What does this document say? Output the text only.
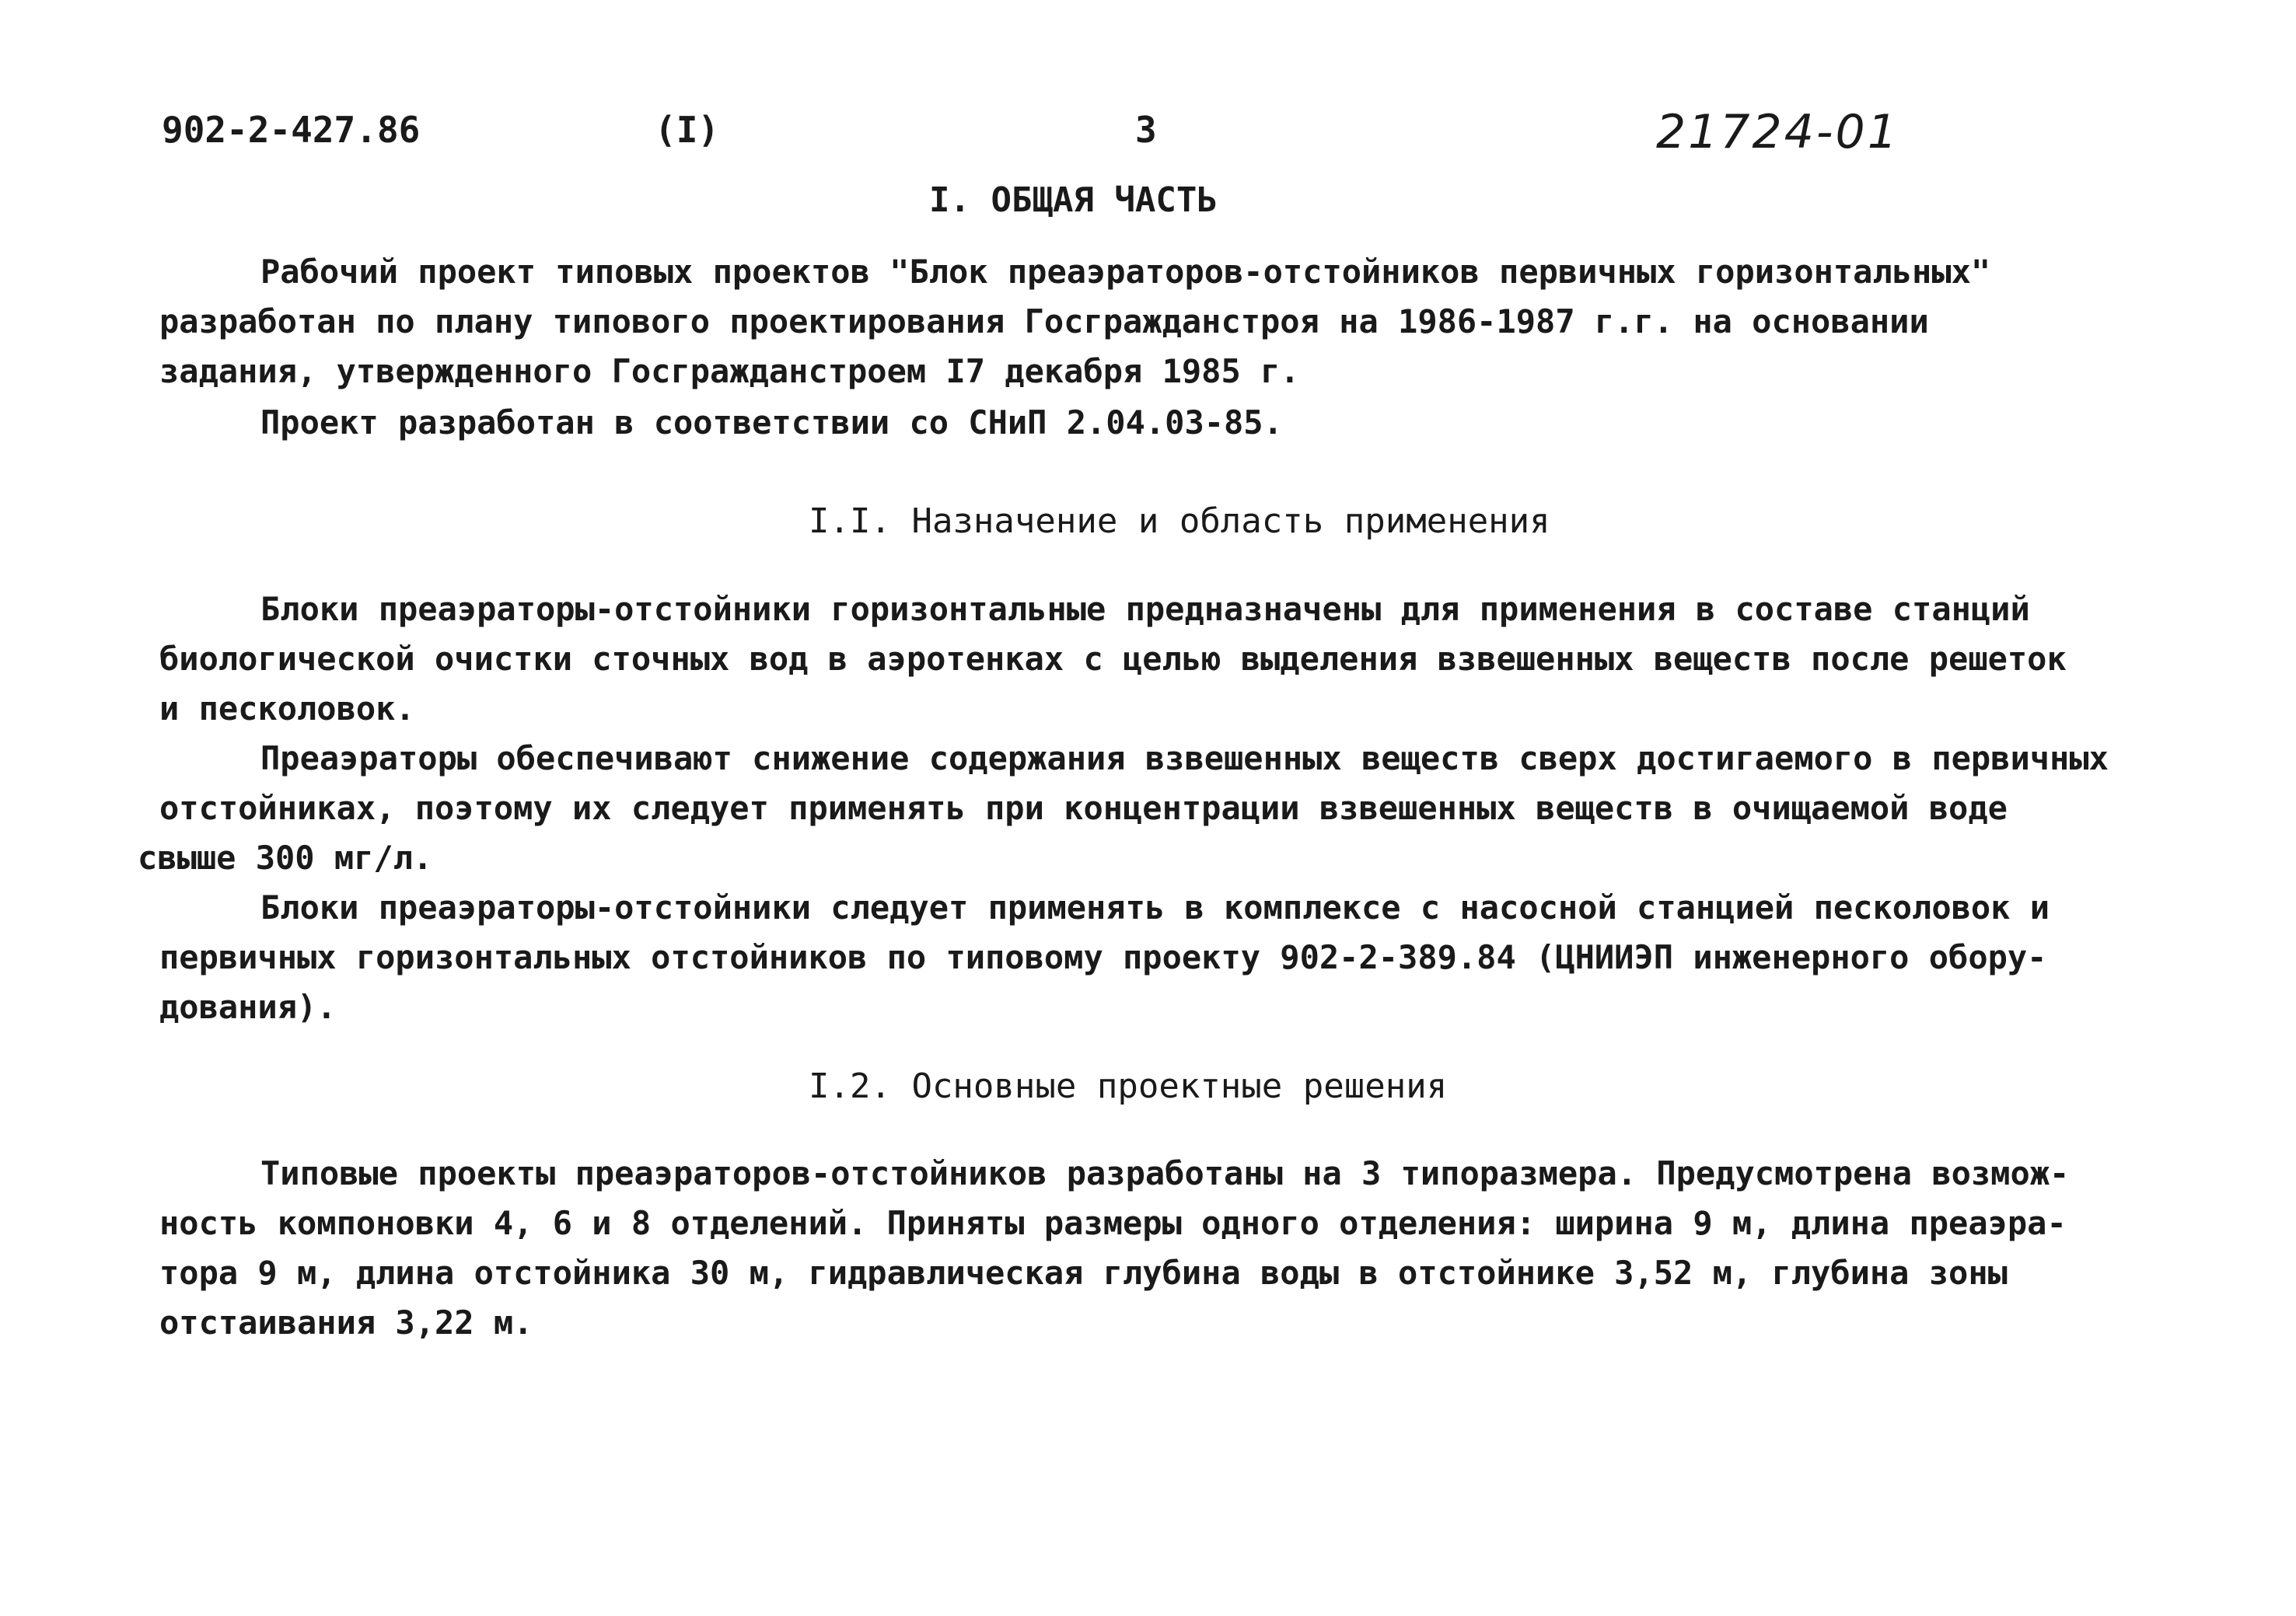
902-2-427.86	(I)	3	21724-01
I. ОБЩАЯ ЧАСТЬ
Рабочий проект типовых проектов "Блок преаэраторов-отстойников первичных горизонтальных"
разработан по плану типового проектирования Госгражданстроя на 1986-1987 г.г. на основании
задания, утвержденного Госгражданстроем I7 декабря 1985 г.
Проект разработан в соответствии со СНиП 2.04.03-85.
I.I. Назначение и область применения
Блоки преаэраторы-отстойники горизонтальные предназначены для применения в составе станций
биологической очистки сточных вод в аэротенках с целью выделения взвешенных веществ после решеток
и песколовок.
Преаэраторы обеспечивают снижение содержания взвешенных веществ сверх достигаемого в первичных
отстойниках, поэтому их следует применять при концентрации взвешенных веществ в очищаемой воде
свыше 300 мг/л.
Блоки преаэраторы-отстойники следует применять в комплексе с насосной станцией песколовок и
первичных горизонтальных отстойников по типовому проекту 902-2-389.84 (ЦНИИЭП инженерного обору-
дования).
I.2. Основные проектные решения
Типовые проекты преаэраторов-отстойников разработаны на 3 типоразмера. Предусмотрена возмож-
ность компоновки 4, 6 и 8 отделений. Приняты размеры одного отделения: ширина 9 м, длина преаэра-
тора 9 м, длина отстойника 30 м, гидравлическая глубина воды в отстойнике 3,52 м, глубина зоны
отстаивания 3,22 м.
